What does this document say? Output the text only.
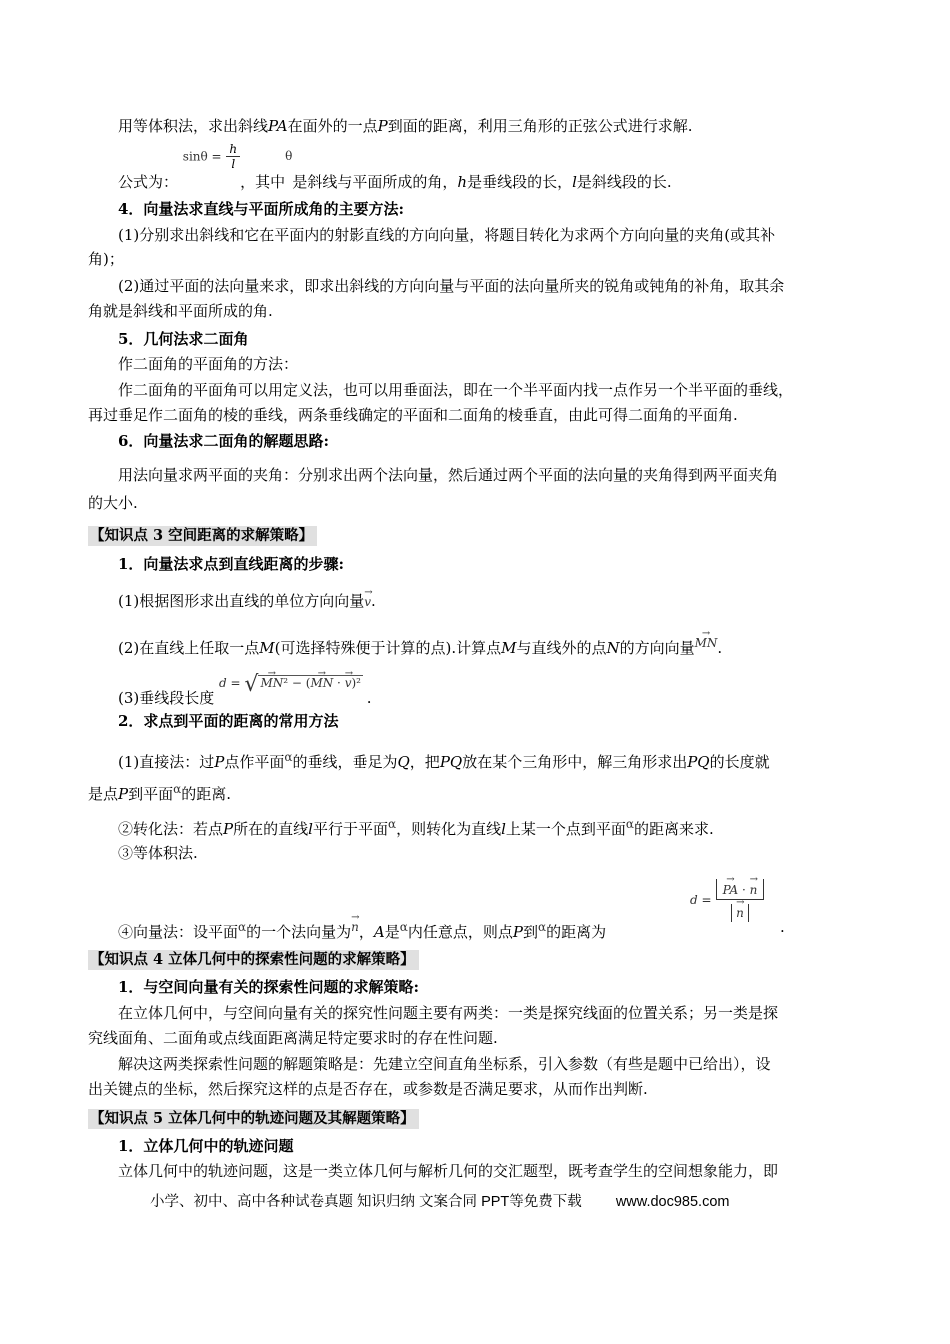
用等体积法，求出斜线PA在面外的一点P到面的距离，利用三角形的正弦公式进行求解.
公式为： $\sin\theta = \frac{h}{l}$
，其中$^\theta$是斜线与平面所成的角，h是垂线段的长，l是斜线段的长.
4．向量法求直线与平面所成角的主要方法:
(1)分别求出斜线和它在平面内的射影直线的方向向量，将题目转化为求两个方向向量的夹角(或其补
角)；
(2)通过平面的法向量来求，即求出斜线的方向向量与平面的法向量所夹的锐角或钝角的补角，取其余
角就是斜线和平面所成的角.
5．几何法求二面角
作二面角的平面角的方法：
作二面角的平面角可以用定义法，也可以用垂面法，即在一个半平面内找一点作另一个半平面的垂线，
再过垂足作二面角的棱的垂线，两条垂线确定的平面和二面角的棱垂直，由此可得二面角的平面角.
6．向量法求二面角的解题思路:
用法向量求两平面的夹角：分别求出两个法向量，然后通过两个平面的法向量的夹角得到两平面夹角
的大小.
【知识点 3 空间距离的求解策略】
1．向量法求点到直线距离的步骤:
(1)根据图形求出直线的单位方向向量→ v.
(2)在直线上任取一点M(可选择特殊便于计算的点).计算点M与直线外的点N的方向向量→ MN.
(3)垂线段长度 $^{d = √ \to MN^2 - (\to MN \cdot \to v)^2}$ .
2．求点到平面的距离的常用方法
(1)直接法：过P点作平面$^\alpha$的垂线，垂足为Q，把PQ放在某个三角形中，解三角形求出PQ的长度就
是点P到平面$^\alpha$的距离.
②转化法：若点P所在的直线l平行于平面$^\alpha$，则转化为直线l上某一个点到平面$^\alpha$的距离来求.
③等体积法.
④向量法：设平面$^\alpha$的一个法向量为→ n，A是$^\alpha$内任意点，则点P到$^\alpha$的距离为
d = → PA · → n
→ n
.
【知识点 4 立体几何中的探索性问题的求解策略】
1．与空间向量有关的探索性问题的求解策略:
在立体几何中，与空间向量有关的探究性问题主要有两类：一类是探究线面的位置关系；另一类是探
究线面角、二面角或点线面距离满足特定要求时的存在性问题.
解决这两类探索性问题的解题策略是：先建立空间直角坐标系，引入参数（有些是题中已给出），设
出关键点的坐标，然后探究这样的点是否存在，或参数是否满足要求，从而作出判断.
【知识点 5 立体几何中的轨迹问题及其解题策略】
1．立体几何中的轨迹问题
立体几何中的轨迹问题，这是一类立体几何与解析几何的交汇题型，既考查学生的空间想象能力，即
小学、初中、高中各种试卷真题 知识归纳 文案合同 PPT等免费下载 www.doc985.com
